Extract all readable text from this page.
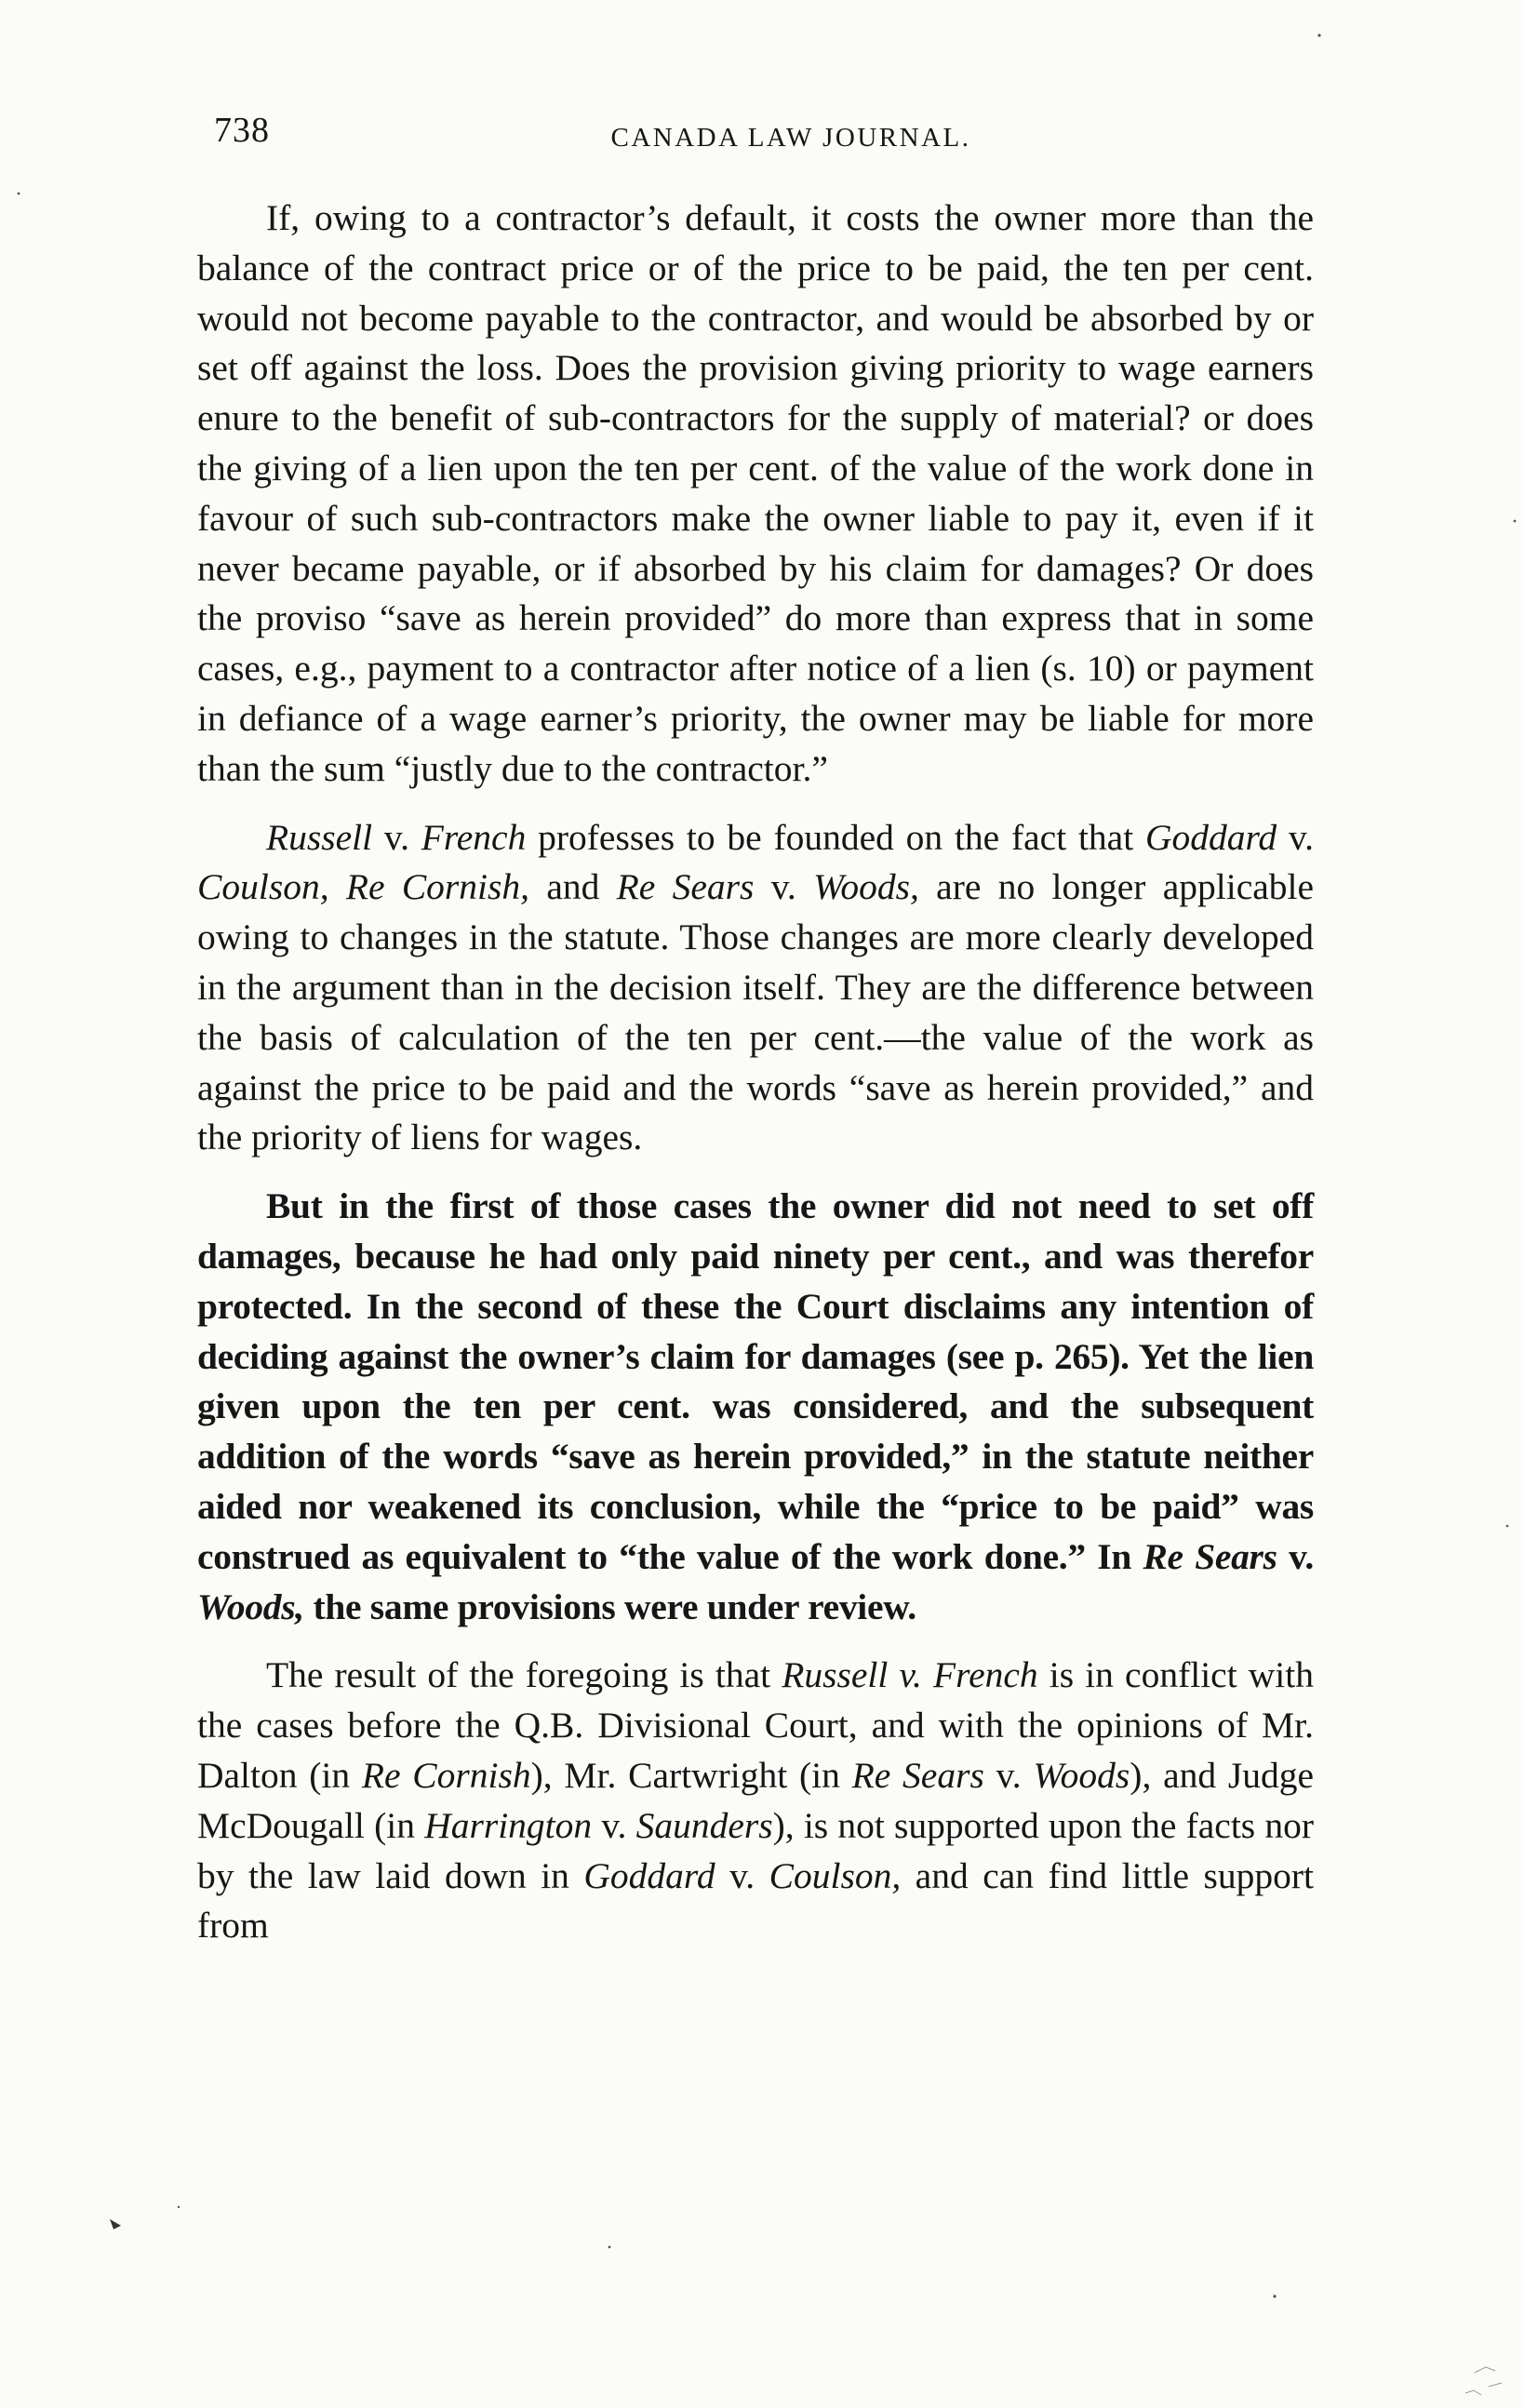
738	CANADA LAW JOURNAL.

If, owing to a contractor’s default, it costs the owner more than the balance of the contract price or of the price to be paid, the ten per cent. would not become payable to the contractor, and would be absorbed by or set off against the loss. Does the provision giving priority to wage earners enure to the benefit of sub-contractors for the supply of material? or does the giving of a lien upon the ten per cent. of the value of the work done in favour of such sub-contractors make the owner liable to pay it, even if it never became payable, or if absorbed by his claim for damages? Or does the proviso “save as herein provided” do more than express that in some cases, e.g., payment to a contractor after notice of a lien (s. 10) or payment in defiance of a wage earner’s priority, the owner may be liable for more than the sum “justly due to the contractor.”

Russell v. French professes to be founded on the fact that Goddard v. Coulson, Re Cornish, and Re Sears v. Woods, are no longer applicable owing to changes in the statute. Those changes are more clearly developed in the argument than in the decision itself. They are the difference between the basis of calculation of the ten per cent.—the value of the work as against the price to be paid and the words “save as herein provided,” and the priority of liens for wages.

But in the first of those cases the owner did not need to set off damages, because he had only paid ninety per cent., and was therefor protected. In the second of these the Court disclaims any intention of deciding against the owner’s claim for damages (see p. 265). Yet the lien given upon the ten per cent. was considered, and the subsequent addition of the words “save as herein provided,” in the statute neither aided nor weakened its conclusion, while the “price to be paid” was construed as equivalent to “the value of the work done.” In Re Sears v. Woods, the same provisions were under review.

The result of the foregoing is that Russell v. French is in conflict with the cases before the Q.B. Divisional Court, and with the opinions of Mr. Dalton (in Re Cornish), Mr. Cartwright (in Re Sears v. Woods), and Judge McDougall (in Harrington v. Saunders), is not supported upon the facts nor by the law laid down in Goddard v. Coulson, and can find little support from
